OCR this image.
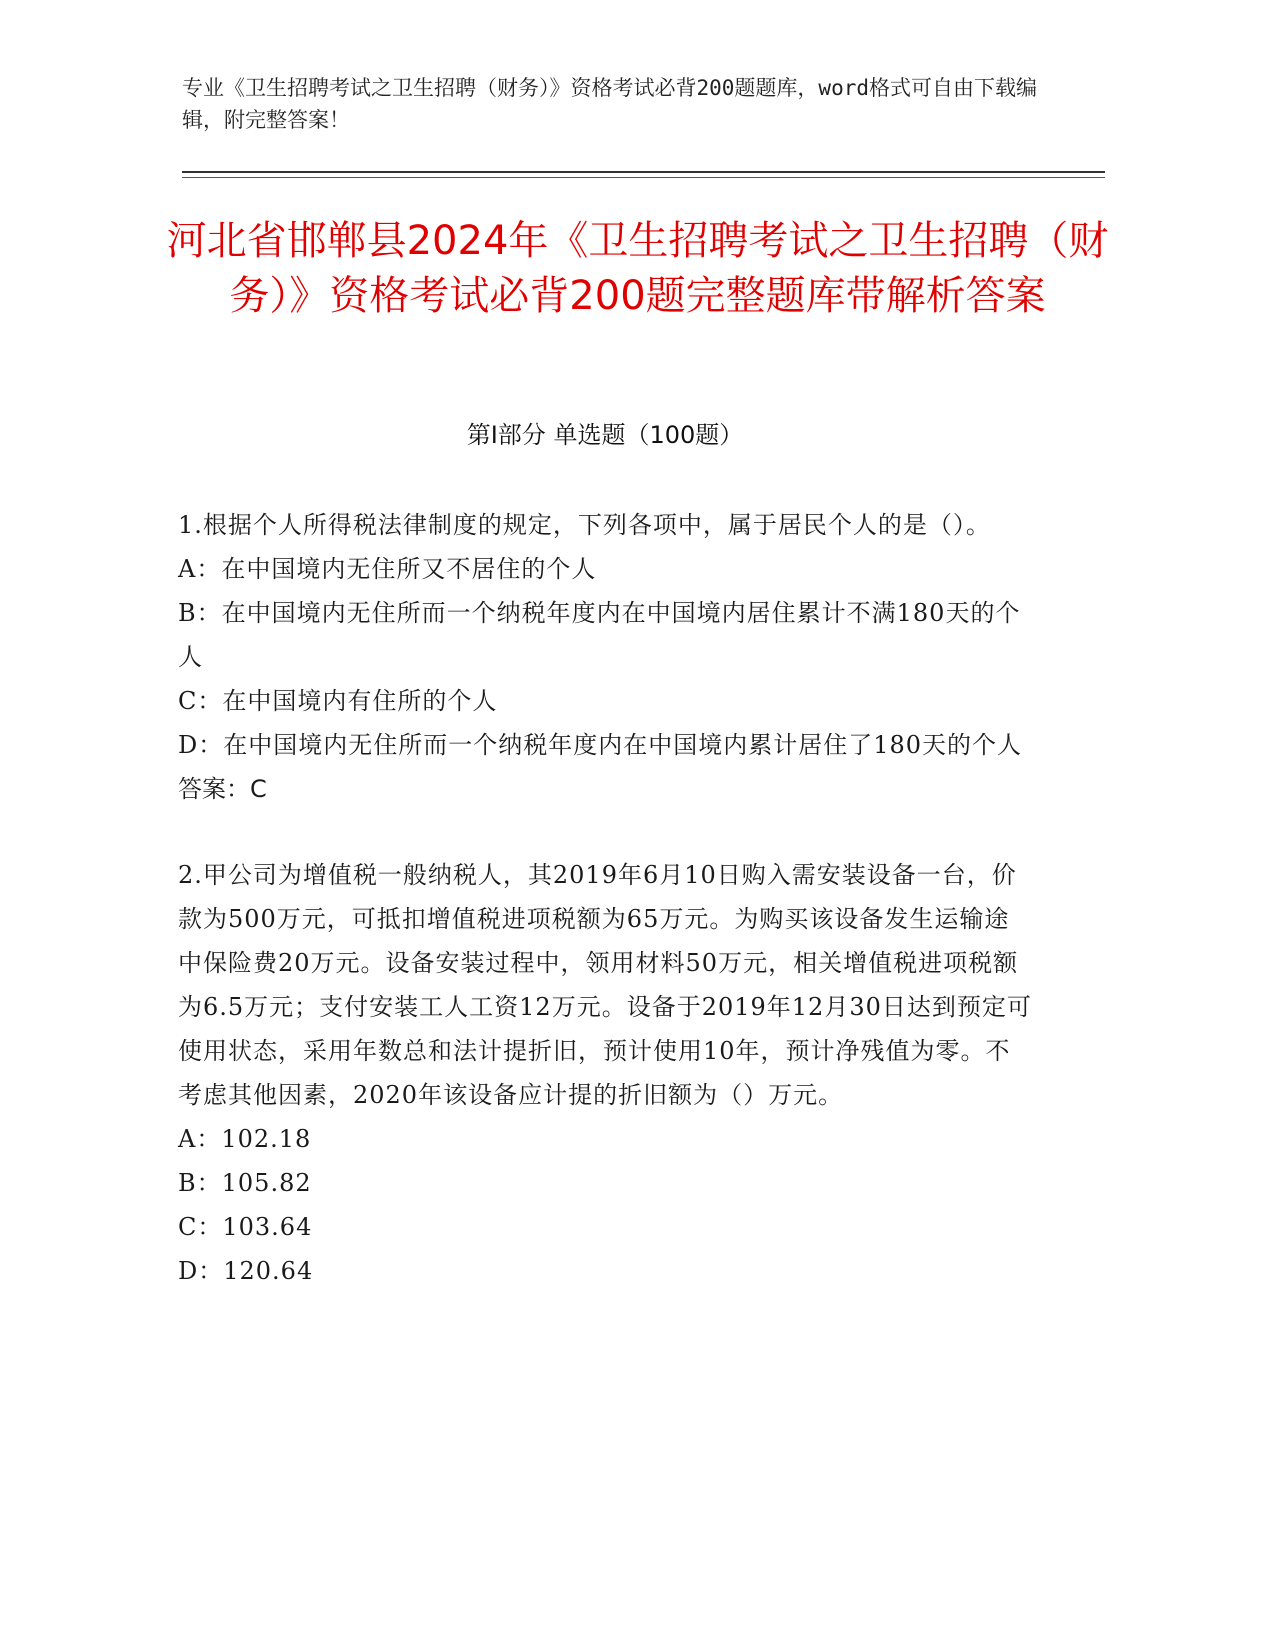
专业《卫生招聘考试之卫生招聘（财务）》资格考试必背200题题库，word格式可自由下载编辑，附完整答案！
河北省邯郸县2024年《卫生招聘考试之卫生招聘（财务）》资格考试必背200题完整题库带解析答案
第Ⅰ部分 单选题（100题）

1.根据个人所得税法律制度的规定，下列各项中，属于居民个人的是（）。

A：在中国境内无住所又不居住的个人

B：在中国境内无住所而一个纳税年度内在中国境内居住累计不满180天的个人

C：在中国境内有住所的个人

D：在中国境内无住所而一个纳税年度内在中国境内累计居住了180天的个人

答案：C

2.甲公司为增值税一般纳税人，其2019年6月10日购入需安装设备一台，价款为500万元，可抵扣增值税进项税额为65万元。为购买该设备发生运输途中保险费20万元。设备安装过程中，领用材料50万元，相关增值税进项税额为6.5万元；支付安装工人工资12万元。设备于2019年12月30日达到预定可使用状态，采用年数总和法计提折旧，预计使用10年，预计净残值为零。不考虑其他因素，2020年该设备应计提的折旧额为（）万元。

A：102.18

B：105.82

C：103.64

D：120.64
